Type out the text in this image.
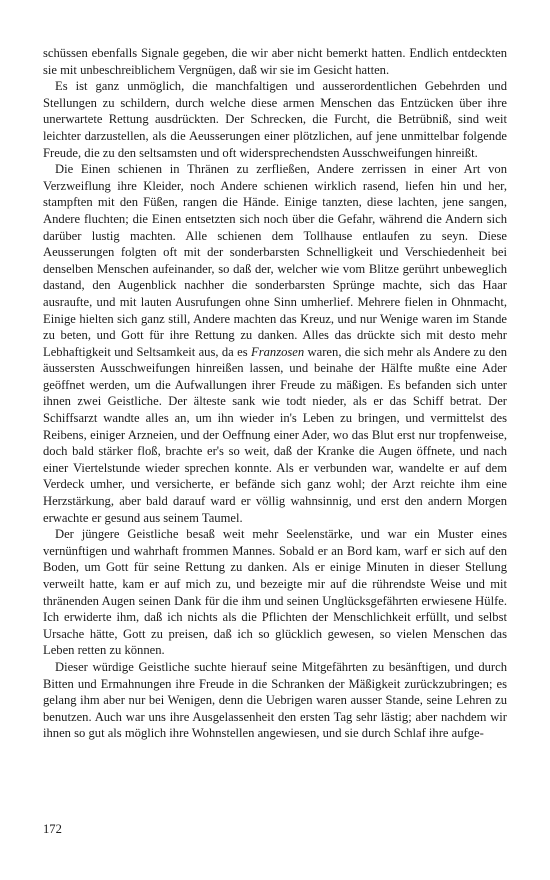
schüssen ebenfalls Signale gegeben, die wir aber nicht bemerkt hatten. Endlich entdeckten sie mit unbeschreiblichem Vergnügen, daß wir sie im Gesicht hatten.

Es ist ganz unmöglich, die manchfaltigen und ausserordentlichen Gebehrden und Stellungen zu schildern, durch welche diese armen Menschen das Entzücken über ihre unerwartete Rettung ausdrückten. Der Schrecken, die Furcht, die Betrübniß, sind weit leichter darzustellen, als die Aeusserungen einer plötzlichen, auf jene unmittelbar folgende Freude, die zu den seltsamsten und oft widersprechendsten Ausschweifungen hinreißt.

Die Einen schienen in Thränen zu zerfließen, Andere zerrissen in einer Art von Verzweiflung ihre Kleider, noch Andere schienen wirklich rasend, liefen hin und her, stampften mit den Füßen, rangen die Hände. Einige tanzten, diese lachten, jene sangen, Andere fluchten; die Einen entsetzten sich noch über die Gefahr, während die Andern sich darüber lustig machten. Alle schienen dem Tollhause entlaufen zu seyn. Diese Aeusserungen folgten oft mit der sonderbarsten Schnelligkeit und Verschiedenheit bei denselben Menschen aufeinander, so daß der, welcher wie vom Blitze gerührt unbeweglich dastand, den Augenblick nachher die sonderbarsten Sprünge machte, sich das Haar ausraufte, und mit lauten Ausrufungen ohne Sinn umherlief. Mehrere fielen in Ohnmacht, Einige hielten sich ganz still, Andere machten das Kreuz, und nur Wenige waren im Stande zu beten, und Gott für ihre Rettung zu danken. Alles das drückte sich mit desto mehr Lebhaftigkeit und Seltsamkeit aus, da es Franzosen waren, die sich mehr als Andere zu den äussersten Ausschweifungen hinreißen lassen, und beinahe der Hälfte mußte eine Ader geöffnet werden, um die Aufwallungen ihrer Freude zu mäßigen. Es befanden sich unter ihnen zwei Geistliche. Der älteste sank wie todt nieder, als er das Schiff betrat. Der Schiffsarzt wandte alles an, um ihn wieder in's Leben zu bringen, und vermittelst des Reibens, einiger Arzneien, und der Oeffnung einer Ader, wo das Blut erst nur tropfenweise, doch bald stärker floß, brachte er's so weit, daß der Kranke die Augen öffnete, und nach einer Viertelstunde wieder sprechen konnte. Als er verbunden war, wandelte er auf dem Verdeck umher, und versicherte, er befände sich ganz wohl; der Arzt reichte ihm eine Herzstärkung, aber bald darauf ward er völlig wahnsinnig, und erst den andern Morgen erwachte er gesund aus seinem Taumel.

Der jüngere Geistliche besaß weit mehr Seelenstärke, und war ein Muster eines vernünftigen und wahrhaft frommen Mannes. Sobald er an Bord kam, warf er sich auf den Boden, um Gott für seine Rettung zu danken. Als er einige Minuten in dieser Stellung verweilt hatte, kam er auf mich zu, und bezeigte mir auf die rührendste Weise und mit thränenden Augen seinen Dank für die ihm und seinen Unglücksgefährten erwiesene Hülfe. Ich erwiderte ihm, daß ich nichts als die Pflichten der Menschlichkeit erfüllt, und selbst Ursache hätte, Gott zu preisen, daß ich so glücklich gewesen, so vielen Menschen das Leben retten zu können.

Dieser würdige Geistliche suchte hierauf seine Mitgefährten zu besänftigen, und durch Bitten und Ermahnungen ihre Freude in die Schranken der Mäßigkeit zurückzubringen; es gelang ihm aber nur bei Wenigen, denn die Uebrigen waren ausser Stande, seine Lehren zu benutzen. Auch war uns ihre Ausgelassenheit den ersten Tag sehr lästig; aber nachdem wir ihnen so gut als möglich ihre Wohnstellen angewiesen, und sie durch Schlaf ihre aufge-

172
